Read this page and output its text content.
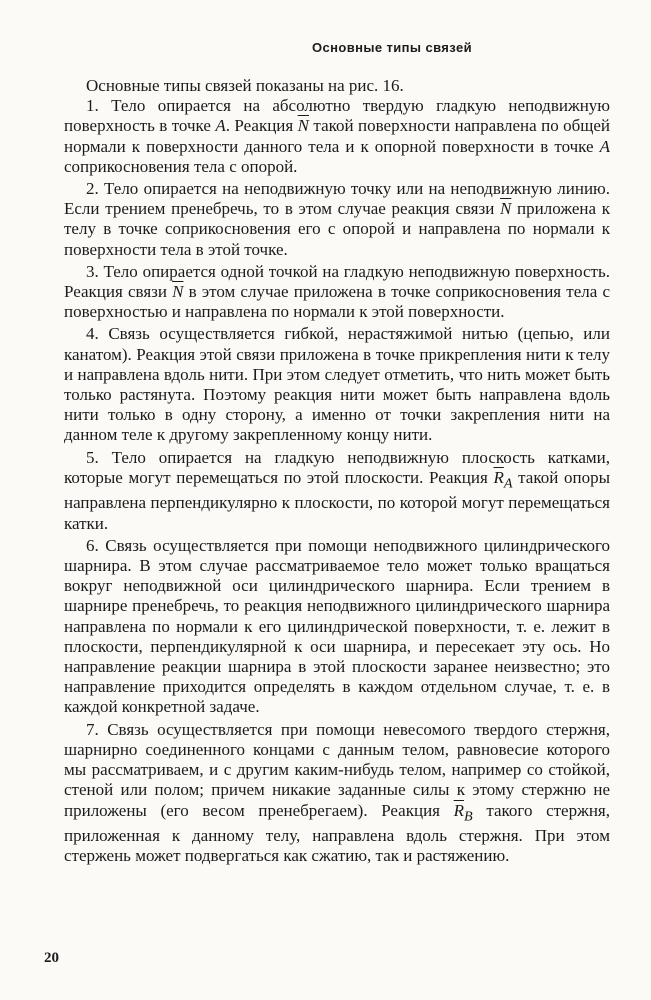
Основные типы связей

Основные типы связей показаны на рис. 16.

1. Тело опирается на абсолютно твердую гладкую неподвижную поверхность в точке A. Реакция $\overline{N}$ такой поверхности направлена по общей нормали к поверхности данного тела и к опорной поверхности в точке A соприкосновения тела с опорой.

2. Тело опирается на неподвижную точку или на неподвижную линию. Если трением пренебречь, то в этом случае реакция связи $\overline{N}$ приложена к телу в точке соприкосновения его с опорой и направлена по нормали к поверхности тела в этой точке.

3. Тело опирается одной точкой на гладкую неподвижную поверхность. Реакция связи $\overline{N}$ в этом случае приложена в точке соприкосновения тела с поверхностью и направлена по нормали к этой поверхности.

4. Связь осуществляется гибкой, нерастяжимой нитью (цепью, или канатом). Реакция этой связи приложена в точке прикрепления нити к телу и направлена вдоль нити. При этом следует отметить, что нить может быть только растянута. Поэтому реакция нити может быть направлена вдоль нити только в одну сторону, а именно от точки закрепления нити на данном теле к другому закрепленному концу нити.

5. Тело опирается на гладкую неподвижную плоскость катками, которые могут перемещаться по этой плоскости. Реакция $\overline{R}_A$ такой опоры направлена перпендикулярно к плоскости, по которой могут перемещаться катки.

6. Связь осуществляется при помощи неподвижного цилиндрического шарнира. В этом случае рассматриваемое тело может только вращаться вокруг неподвижной оси цилиндрического шарнира. Если трением в шарнире пренебречь, то реакция неподвижного цилиндрического шарнира направлена по нормали к его цилиндрической поверхности, т. е. лежит в плоскости, перпендикулярной к оси шарнира, и пересекает эту ось. Но направление реакции шарнира в этой плоскости заранее неизвестно; это направление приходится определять в каждом отдельном случае, т. е. в каждой конкретной задаче.

7. Связь осуществляется при помощи невесомого твердого стержня, шарнирно соединенного концами с данным телом, равновесие которого мы рассматриваем, и с другим каким-нибудь телом, например со стойкой, стеной или полом; причем никакие заданные силы к этому стержню не приложены (его весом пренебрегаем). Реакция $\overline{R}_B$ такого стержня, приложенная к данному телу, направлена вдоль стержня. При этом стержень может подвергаться как сжатию, так и растяжению.

20
